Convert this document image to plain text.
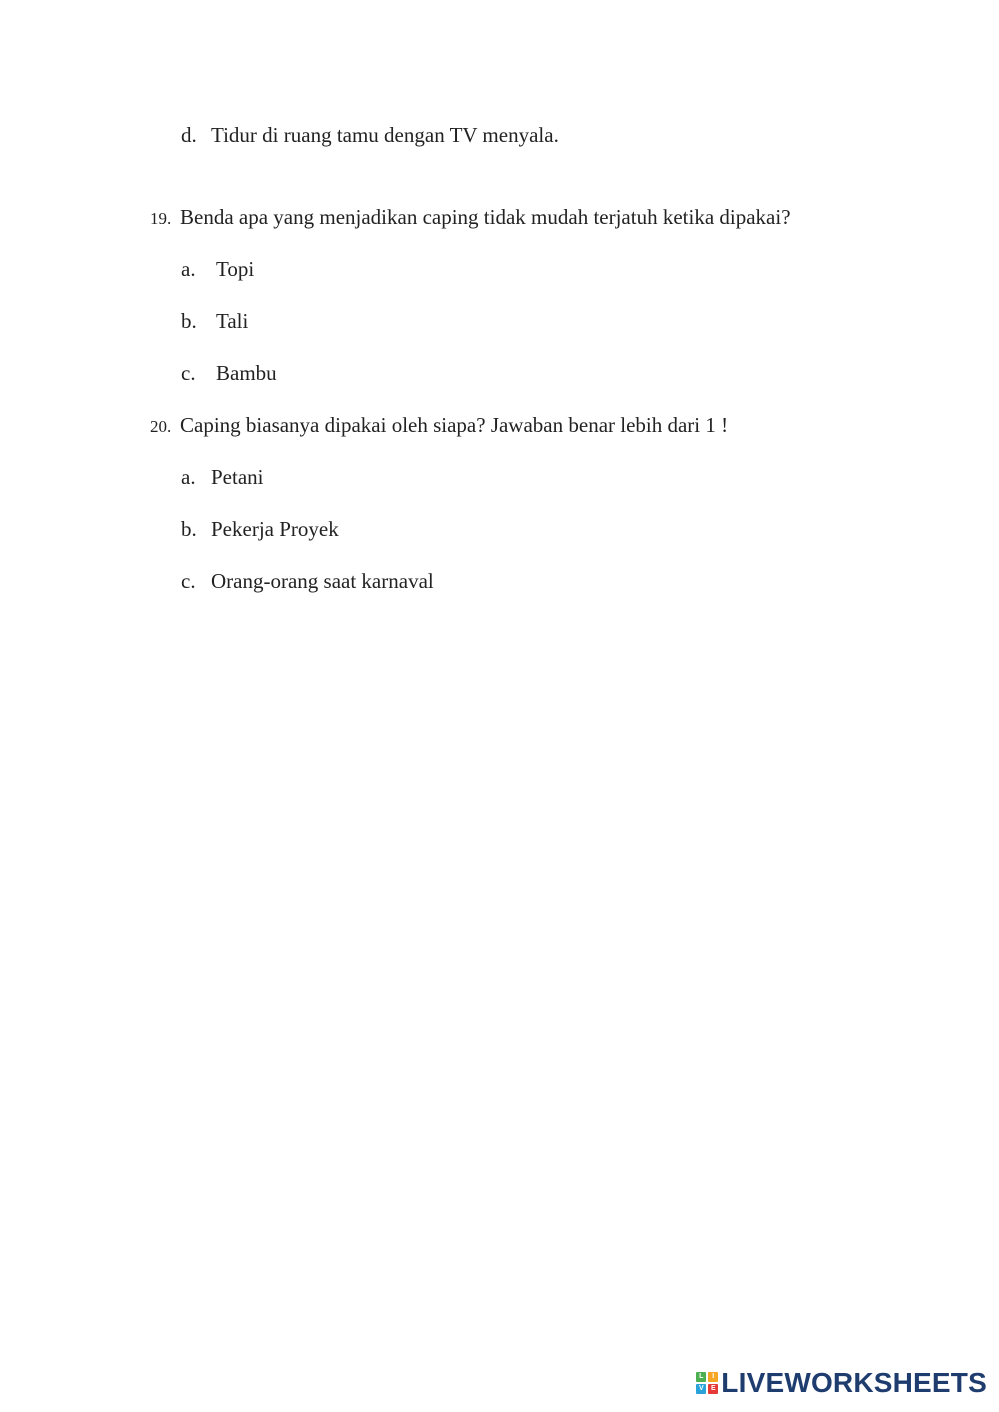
d. Tidur di ruang tamu dengan TV menyala.
19. Benda apa yang menjadikan caping tidak mudah terjatuh ketika dipakai?
a. Topi
b. Tali
c. Bambu
20. Caping biasanya dipakai oleh siapa? Jawaban benar lebih dari 1 !
a. Petani
b. Pekerja Proyek
c. Orang-orang saat karnaval
L	I
V	E LIVEWORKSHEETS
